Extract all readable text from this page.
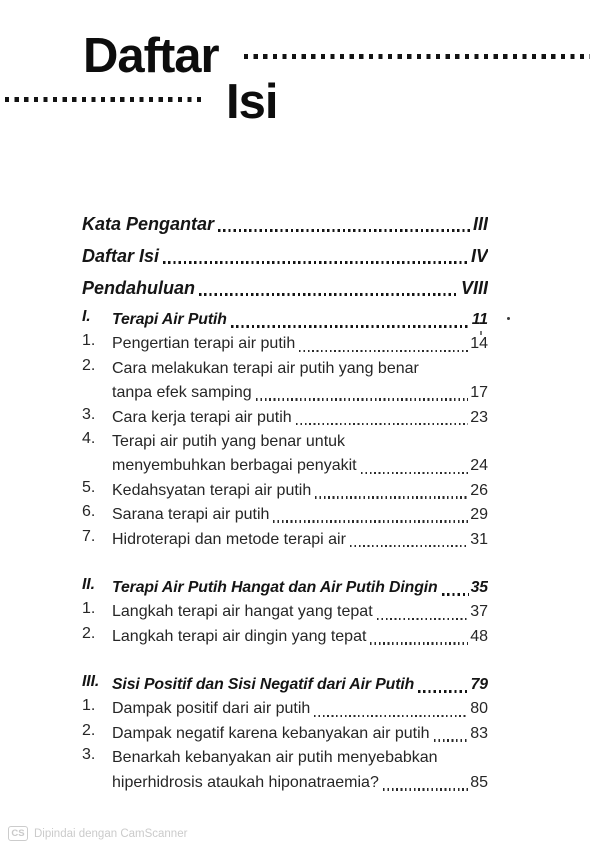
Daftar
Isi
Kata Pengantar	III
Daftar Isi	IV
Pendahuluan	VIII
I.	Terapi Air Putih	11
1.	Pengertian terapi air putih	14
2.	Cara melakukan terapi air putih yang benar
tanpa efek samping	17
3.	Cara kerja terapi air putih	23
4.	Terapi air putih yang benar untuk
menyembuhkan berbagai penyakit	24
5.	Kedahsyatan terapi air putih	26
6.	Sarana terapi air putih	29
7.	Hidroterapi dan metode terapi air	31
II.	Terapi Air Putih Hangat dan Air Putih Dingin 35
1.	Langkah terapi air hangat yang tepat	37
2.	Langkah terapi air dingin yang tepat	48
III. Sisi Positif dan Sisi Negatif dari Air Putih	79
1.	Dampak positif dari air putih	80
2.	Dampak negatif karena kebanyakan air putih	83
3.	Benarkah kebanyakan air putih menyebabkan
hiperhidrosis ataukah hiponatraemia?	85
CS Dipindai dengan CamScanner
